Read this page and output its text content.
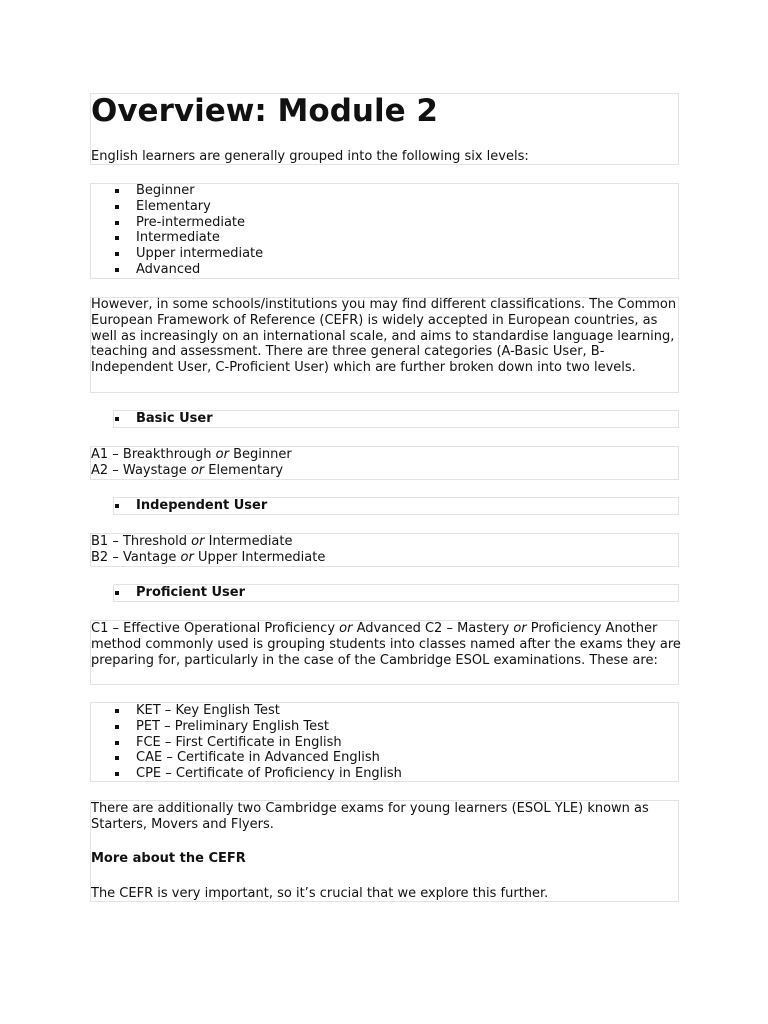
Overview: Module 2

English learners are generally grouped into the following six levels:

Beginner
Elementary
Pre-intermediate
Intermediate
Upper intermediate
Advanced

However, in some schools/institutions you may find different classifications. The Common European Framework of Reference (CEFR) is widely accepted in European countries, as well as increasingly on an international scale, and aims to standardise language learning, teaching and assessment. There are three general categories (A-Basic User, B-Independent User, C-Proficient User) which are further broken down into two levels.

Basic User
A1 – Breakthrough or Beginner
A2 – Waystage or Elementary
Independent User
B1 – Threshold or Intermediate
B2 – Vantage or Upper Intermediate
Proficient User

C1 – Effective Operational Proficiency or Advanced C2 – Mastery or Proficiency Another method commonly used is grouping students into classes named after the exams they are preparing for, particularly in the case of the Cambridge ESOL examinations. These are:

KET – Key English Test
PET – Preliminary English Test
FCE – First Certificate in English
CAE – Certificate in Advanced English
CPE – Certificate of Proficiency in English

There are additionally two Cambridge exams for young learners (ESOL YLE) known as Starters, Movers and Flyers.

More about the CEFR

The CEFR is very important, so it’s crucial that we explore this further.
